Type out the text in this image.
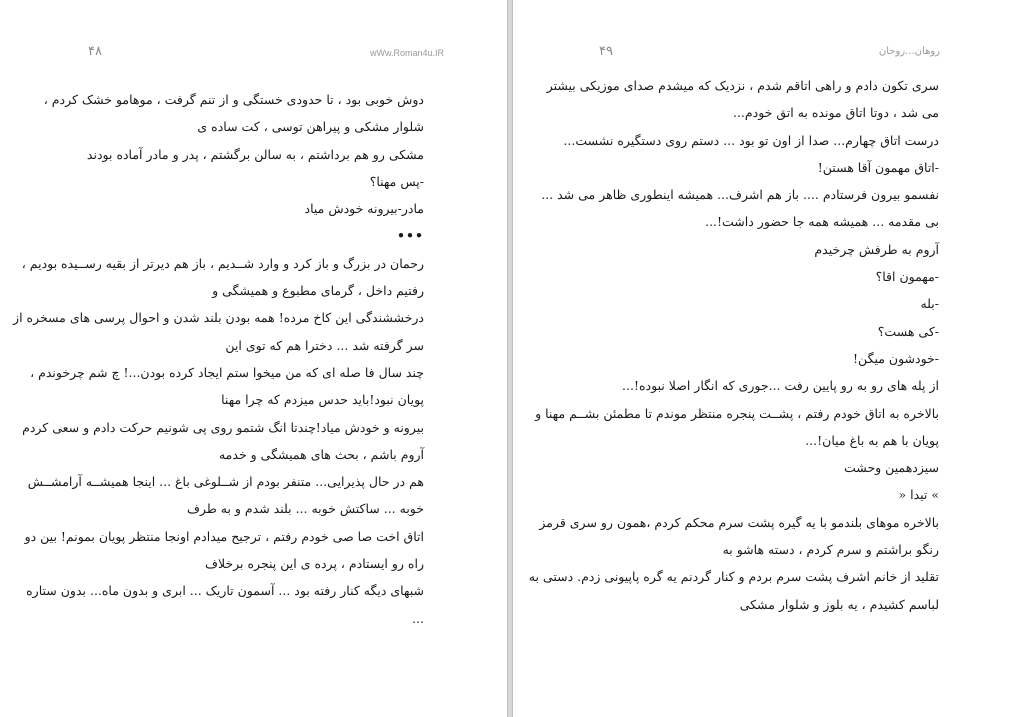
۴۸	wWw.Roman4u.IR
دوش خوبی بود ، تا حدودی خستگی و از تنم گرفت ، موهامو خشک کردم ،
شلوار مشکی و پیراهن توسی ، کت ساده ی
مشکی رو هم برداشتم ، به سالن برگشتم ، پدر و مادر آماده بودند
-پس مهنا؟
مادر-بیرونه خودش میاد
•••
رحمان در بزرگ و باز کرد و وارد شــدیم ، باز هم دیرتر از بقیه رســیده بودیم ،
رفتیم داخل ، گرمای مطبوع و همیشگی و
درخششندگی این کاخ مرده! همه بودن بلند شدن و احوال پرسی های مسخره از
سر گرفته شد ... دخترا هم که توی این
چند سال فا صله ای که من میخوا ستم ایجاد کرده بودن...! چ شم چرخوندم ،
پویان نبود!باید حدس میزدم که چرا مهنا
بیرونه و خودش میاد!چندتا انگ شتمو روی پی شونیم حرکت دادم و سعی کردم
آروم باشم ، بحث های همیشگی و خدمه
هم در حال پذیرایی... متنفر بودم از شــلوغی باغ ... اینجا همیشــه آرامشــش
خوبه ... ساکتش خوبه ... بلند شدم و به طرف
اتاق اخت صا صی خودم رفتم ، ترجیح میدادم اونجا منتظر پویان بمونم! بین دو
راه رو ایستادم ، پرده ی این پنجره برخلاف
شبهای دیگه کنار رفته بود ... آسمون تاریک ... ابری و بدون ماه... بدون ستاره
...
۴۹	روهان...روحان
سری تکون دادم و راهی اتاقم شدم ، نزدیک که میشدم صدای موزیکی بیشتر
می شد ، دوتا اتاق مونده به اتق خودم...
درست اتاق چهارم... صدا از اون تو بود ... دستم روی دستگیره نشست...
-اتاق مهمون آقا هستن!
نفسمو بیرون فرستادم .... باز هم اشرف... همیشه اینطوری ظاهر می شد ...
بی مقدمه ... همیشه همه جا حضور داشت!...
آروم به طرفش چرخیدم
-مهمون اقا؟
-بله
-کی هست؟
-خودشون میگن!
از پله های رو به رو پایین رفت ...جوری که انگار اصلا نبوده!...
بالاخره به اتاق خودم رفتم ، پشــت پنجره منتظر موندم تا مطمئن بشــم مهنا و
پویان با هم به باغ میان!...
سیزدهمین وحشت
» تیدا «
بالاخره موهای بلندمو با یه گیره پشت سرم محکم کردم ،همون رو سری قرمز
رنگو براشتم و سرم کردم ، دسته هاشو به
تقلید از خانم اشرف پشت سرم بردم و کنار گردنم یه گره پاپیونی زدم. دستی به
لباسم کشیدم ، یه بلوز و شلوار مشکی
